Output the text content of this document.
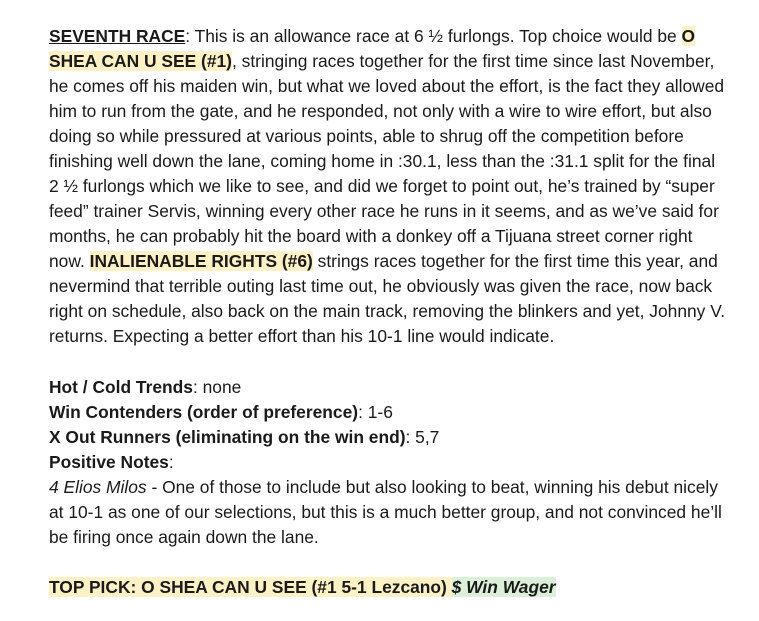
SEVENTH RACE: This is an allowance race at 6 ½ furlongs. Top choice would be O
SHEA CAN U SEE (#1), stringing races together for the first time since last November,
he comes off his maiden win, but what we loved about the effort, is the fact they allowed
him to run from the gate, and he responded, not only with a wire to wire effort, but also
doing so while pressured at various points, able to shrug off the competition before
finishing well down the lane, coming home in :30.1, less than the :31.1 split for the final
2 ½ furlongs which we like to see, and did we forget to point out, he’s trained by “super
feed” trainer Servis, winning every other race he runs in it seems, and as we’ve said for
months, he can probably hit the board with a donkey off a Tijuana street corner right
now. INALIENABLE RIGHTS (#6) strings races together for the first time this year, and
nevermind that terrible outing last time out, he obviously was given the race, now back
right on schedule, also back on the main track, removing the blinkers and yet, Johnny V.
returns. Expecting a better effort than his 10-1 line would indicate.
Hot / Cold Trends: none
Win Contenders (order of preference): 1-6
X Out Runners (eliminating on the win end): 5,7
Positive Notes:
4 Elios Milos - One of those to include but also looking to beat, winning his debut nicely
at 10-1 as one of our selections, but this is a much better group, and not convinced he’ll
be firing once again down the lane.
TOP PICK: O SHEA CAN U SEE (#1 5-1 Lezcano) $ Win Wager
